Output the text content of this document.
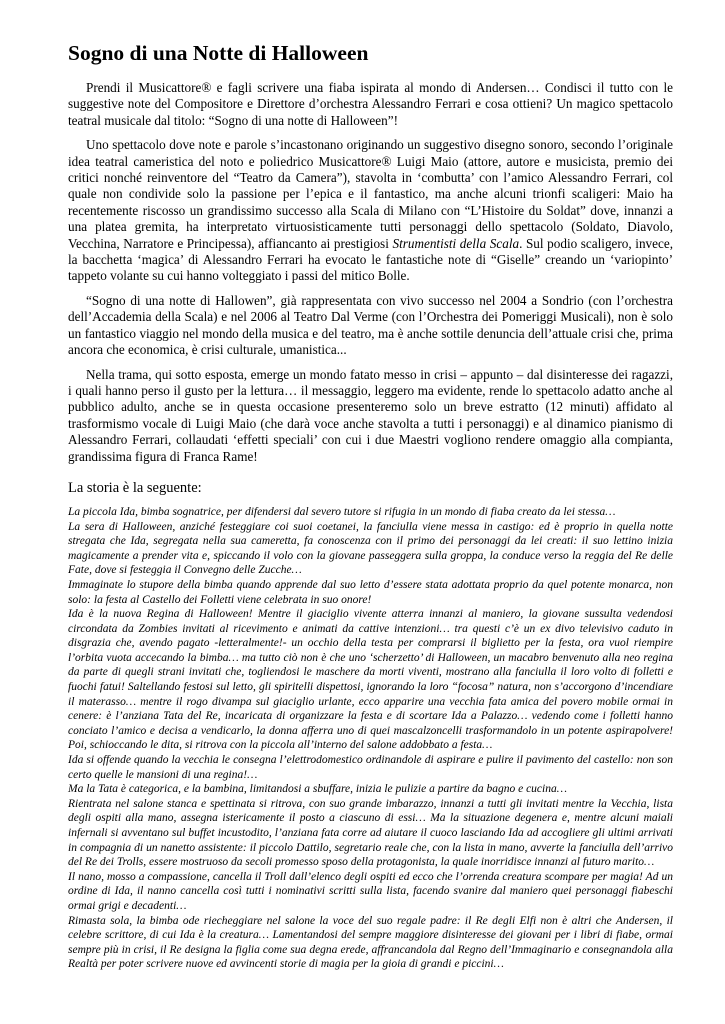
Sogno di una Notte di Halloween

Prendi il Musicattore® e fagli scrivere una fiaba ispirata al mondo di Andersen… Condisci il tutto con le suggestive note del Compositore e Direttore d’orchestra Alessandro Ferrari e cosa ottieni? Un magico spettacolo teatral musicale dal titolo: “Sogno di una notte di Halloween”!

Uno spettacolo dove note e parole s’incastonano originando un suggestivo disegno sonoro, secondo l’originale idea teatral cameristica del noto e poliedrico Musicattore® Luigi Maio (attore, autore e musicista, premio dei critici nonché reinventore del “Teatro da Camera”), stavolta in ‘combutta’ con l’amico Alessandro Ferrari, col quale non condivide solo la passione per l’epica e il fantastico, ma anche alcuni trionfi scaligeri: Maio ha recentemente riscosso un grandissimo successo alla Scala di Milano con “L’Histoire du Soldat” dove, innanzi a una platea gremita, ha interpretato virtuosisticamente tutti personaggi dello spettacolo (Soldato, Diavolo, Vecchina, Narratore e Principessa), affiancanto ai prestigiosi Strumentisti della Scala. Sul podio scaligero, invece, la bacchetta ‘magica’ di Alessandro Ferrari ha evocato le fantastiche note di “Giselle” creando un ‘variopinto’ tappeto volante su cui hanno volteggiato i passi del mitico Bolle.

“Sogno di una notte di Hallowen”, già rappresentata con vivo successo nel 2004 a Sondrio (con l’orchestra dell’Accademia della Scala) e nel 2006 al Teatro Dal Verme (con l’Orchestra dei Pomeriggi Musicali), non è solo un fantastico viaggio nel mondo della musica e del teatro, ma è anche sottile denuncia dell’attuale crisi che, prima ancora che economica, è crisi culturale, umanistica...

Nella trama, qui sotto esposta, emerge un mondo fatato messo in crisi – appunto – dal disinteresse dei ragazzi, i quali hanno perso il gusto per la lettura… il messaggio, leggero ma evidente, rende lo spettacolo adatto anche al pubblico adulto, anche se in questa occasione presenteremo solo un breve estratto (12 minuti) affidato al trasformismo vocale di Luigi Maio (che darà voce anche stavolta a tutti i personaggi) e al dinamico pianismo di Alessandro Ferrari, collaudati ‘effetti speciali’ con cui i due Maestri vogliono rendere omaggio alla compianta, grandissima figura di Franca Rame!

La storia è la seguente:

La piccola Ida, bimba sognatrice, per difendersi dal severo tutore si rifugia in un mondo di fiaba creato da lei stessa…

La sera di Halloween, anziché festeggiare coi suoi coetanei, la fanciulla viene messa in castigo: ed è proprio in quella notte stregata che Ida, segregata nella sua cameretta, fa conoscenza con il primo dei personaggi da lei creati: il suo lettino inizia magicamente a prender vita e, spiccando il volo con la giovane passeggera sulla groppa, la conduce verso la reggia del Re delle Fate, dove si festeggia il Convegno delle Zucche…

Immaginate lo stupore della bimba quando apprende dal suo letto d’essere stata adottata proprio da quel potente monarca, non solo: la festa al Castello dei Folletti viene celebrata in suo onore!

Ida è la nuova Regina di Halloween! Mentre il giaciglio vivente atterra innanzi al maniero, la giovane sussulta vedendosi circondata da Zombies invitati al ricevimento e animati da cattive intenzioni… tra questi c’è un ex divo televisivo caduto in disgrazia che, avendo pagato -letteralmente!- un occhio della testa per comprarsi il biglietto per la festa, ora vuol riempire l’orbita vuota accecando la bimba… ma tutto ciò non è che uno ‘scherzetto’ di Halloween, un macabro benvenuto alla neo regina da parte di quegli strani invitati che, togliendosi le maschere da morti viventi, mostrano alla fanciulla il loro volto di folletti e fuochi fatui! Saltellando festosi sul letto, gli spiritelli dispettosi, ignorando la loro “focosa” natura, non s’accorgono d’incendiare il materasso… mentre il rogo divampa sul giaciglio urlante, ecco apparire una vecchia fata amica del povero mobile ormai in cenere: è l’anziana Tata del Re, incaricata di organizzare la festa e di scortare Ida a Palazzo… vedendo come i folletti hanno conciato l’amico e decisa a vendicarlo, la donna afferra uno di quei mascalzoncelli trasformandolo in un potente aspirapolvere! Poi, schioccando le dita, si ritrova con la piccola all’interno del salone addobbato a festa…

Ida si offende quando la vecchia le consegna l’elettrodomestico ordinandole di aspirare e pulire il pavimento del castello: non son certo quelle le mansioni di una regina!…

Ma la Tata è categorica, e la bambina, limitandosi a sbuffare, inizia le pulizie a partire da bagno e cucina…

Rientrata nel salone stanca e spettinata si ritrova, con suo grande imbarazzo, innanzi a tutti gli invitati mentre la Vecchia, lista degli ospiti alla mano, assegna istericamente il posto a ciascuno di essi… Ma la situazione degenera e, mentre alcuni maiali infernali si avventano sul buffet incustodito, l’anziana fata corre ad aiutare il cuoco lasciando Ida ad accogliere gli ultimi arrivati in compagnia di un nanetto assistente: il piccolo Dattilo, segretario reale che, con la lista in mano, avverte la fanciulla dell’arrivo del Re dei Trolls, essere mostruoso da secoli promesso sposo della protagonista, la quale inorridisce innanzi al futuro marito…

Il nano, mosso a compassione, cancella il Troll dall’elenco degli ospiti ed ecco che l’orrenda creatura scompare per magia! Ad un ordine di Ida, il nanno cancella così tutti i nominativi scritti sulla lista, facendo svanire dal maniero quei personaggi fiabeschi ormai grigi e decadenti…

Rimasta sola, la bimba ode riecheggiare nel salone la voce del suo regale padre: il Re degli Elfi non è altri che Andersen, il celebre scrittore, di cui Ida è la creatura… Lamentandosi del sempre maggiore disinteresse dei giovani per i libri di fiabe, ormai sempre più in crisi, il Re designa la figlia come sua degna erede, affrancandola dal Regno dell’Immaginario e consegnandola alla Realtà per poter scrivere nuove ed avvincenti storie di magia per la gioia di grandi e piccini…
